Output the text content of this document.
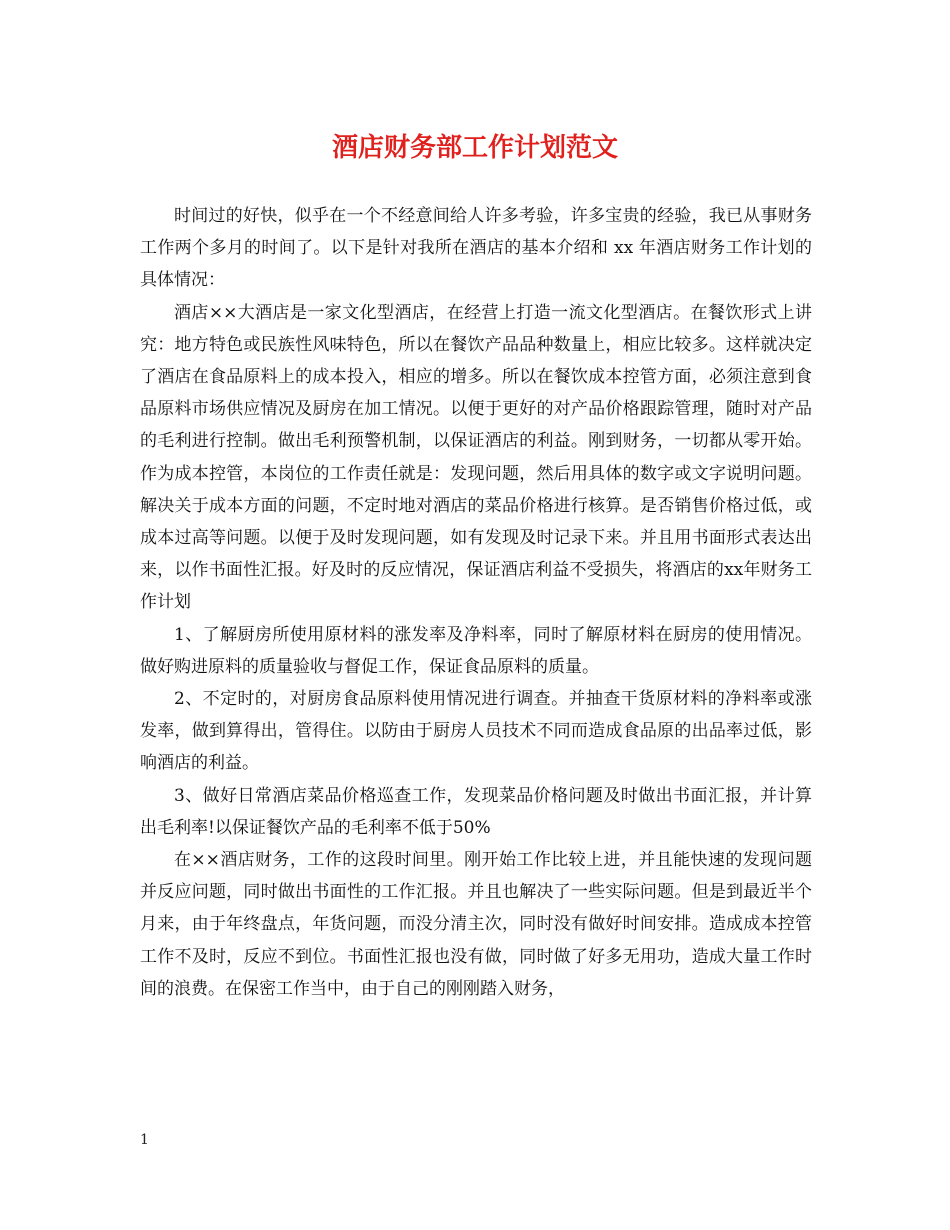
酒店财务部工作计划范文

时间过的好快，似乎在一个不经意间给人许多考验，许多宝贵的经验，我已从事财务工作两个多月的时间了。以下是针对我所在酒店的基本介绍和 xx 年酒店财务工作计划的具体情况：

酒店××大酒店是一家文化型酒店，在经营上打造一流文化型酒店。在餐饮形式上讲究：地方特色或民族性风味特色，所以在餐饮产品品种数量上，相应比较多。这样就决定了酒店在食品原料上的成本投入，相应的增多。所以在餐饮成本控管方面，必须注意到食品原料市场供应情况及厨房在加工情况。以便于更好的对产品价格跟踪管理，随时对产品的毛利进行控制。做出毛利预警机制，以保证酒店的利益。刚到财务，一切都从零开始。作为成本控管，本岗位的工作责任就是：发现问题，然后用具体的数字或文字说明问题。解决关于成本方面的问题，不定时地对酒店的菜品价格进行核算。是否销售价格过低，或成本过高等问题。以便于及时发现问题，如有发现及时记录下来。并且用书面形式表达出来，以作书面性汇报。好及时的反应情况，保证酒店利益不受损失，将酒店的xx年财务工作计划

1、了解厨房所使用原材料的涨发率及净料率，同时了解原材料在厨房的使用情况。做好购进原料的质量验收与督促工作，保证食品原料的质量。

2、不定时的，对厨房食品原料使用情况进行调查。并抽查干货原材料的净料率或涨发率，做到算得出，管得住。以防由于厨房人员技术不同而造成食品原的出品率过低，影响酒店的利益。

3、做好日常酒店菜品价格巡查工作，发现菜品价格问题及时做出书面汇报，并计算出毛利率!以保证餐饮产品的毛利率不低于50%

在××酒店财务，工作的这段时间里。刚开始工作比较上进，并且能快速的发现问题并反应问题，同时做出书面性的工作汇报。并且也解决了一些实际问题。但是到最近半个月来，由于年终盘点，年货问题，而没分清主次，同时没有做好时间安排。造成成本控管工作不及时，反应不到位。书面性汇报也没有做，同时做了好多无用功，造成大量工作时间的浪费。在保密工作当中，由于自己的刚刚踏入财务，

1
